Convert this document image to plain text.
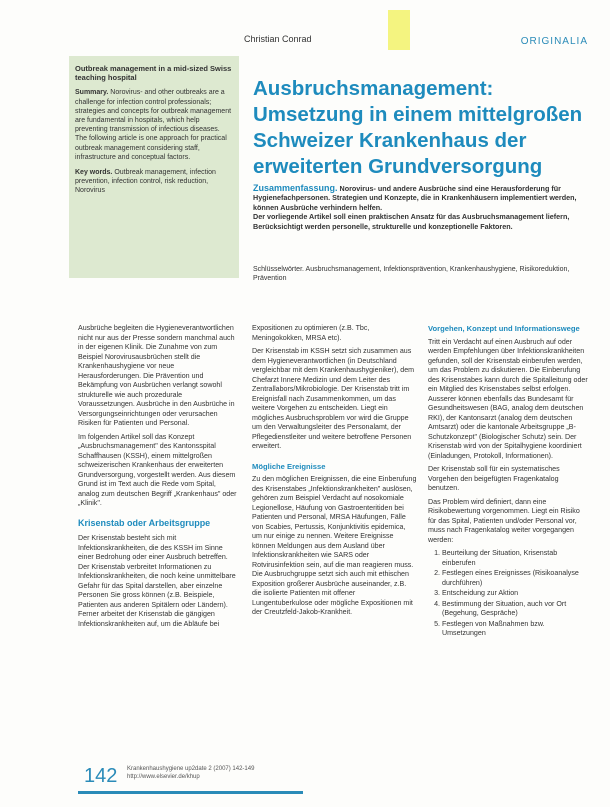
Christian Conrad	ORIGINALIA
Outbreak management in a mid-sized Swiss teaching hospital

Summary. Norovirus- and other outbreaks are a challenge for infection control professionals; strategies and concepts for outbreak management are fundamental in hospitals, which help preventing transmission of infectious diseases. The following article is one approach for practical outbreak management considering staff, infrastructure and conceptual factors.

Key words. Outbreak management, infection prevention, infection control, risk reduction, Norovirus

Ausbruchsmanagement: Umsetzung in einem mittelgroßen Schweizer Krankenhaus der erweiterten Grundversorgung
Zusammenfassung. Norovirus- und andere Ausbrüche sind eine Herausforderung für Hygienefachpersonen. Strategien und Konzepte, die in Krankenhäusern implementiert werden, können Ausbrüche verhindern helfen.
Der vorliegende Artikel soll einen praktischen Ansatz für das Ausbruchsmanagement liefern, Berücksichtigt werden personelle, strukturelle und konzeptionelle Faktoren.
Schlüsselwörter. Ausbruchsmanagement, Infektionsprävention, Krankenhaushygiene, Risikoreduktion, Prävention

Ausbrüche begleiten die Hygieneverantwortlichen nicht nur aus der Presse sondern manchmal auch in der eigenen Klinik. Die Zunahme von zum Beispiel Norovirusausbrüchen stellt die Krankenhaushygiene vor neue Herausforderungen. Die Prävention und Bekämpfung von Ausbrüchen verlangt sowohl strukturelle wie auch prozedurale Voraussetzungen. Ausbrüche in den Ausbrüche in Versorgungseinrichtungen oder verursachen Risiken für Patienten und Personal.

Im folgenden Artikel soll das Konzept „Ausbruchsmanagement" des Kantonsspital Schaffhausen (KSSH), einem mittelgroßen schweizerischen Krankenhaus der erweiterten Grundversorgung, vorgestellt werden. Aus diesem Grund ist im Text auch die Rede vom Spital, analog zum deutschen Begriff „Krankenhaus" oder „Klinik".

Krisenstab oder Arbeitsgruppe

Der Krisenstab besteht sich mit Infektionskrankheiten, die des KSSH im Sinne einer Bedrohung oder einer Ausbruch betreffen. Der Krisenstab verbreitet Informationen zu Infektionskrankheiten, die noch keine unmittelbare Gefahr für das Spital darstellen, aber einzelne Personen Sie gross können (z.B. Beispiele, Patienten aus anderen Spitälern oder Ländern). Ferner arbeitet der Krisenstab die gängigen Infektionskrankheiten auf, um die Abläufe bei

Expositionen zu optimieren (z.B. Tbc, Meningokokken, MRSA etc).

Der Krisenstab im KSSH setzt sich zusammen aus dem Hygieneverantwortlichen (in Deutschland vergleichbar mit dem Krankenhaushygieniker), dem Chefarzt Innere Medizin und dem Leiter des Zentrallabors/Mikrobiologie. Der Krisenstab tritt im Ereignisfall nach Zusammenkommen, um das weitere Vorgehen zu entscheiden. Liegt ein mögliches Ausbruchsproblem vor wird die Gruppe um den Verwaltungsleiter des Personalamt, der Pflegedienstleiter und weitere betroffene Personen erweitert.

Mögliche Ereignisse

Zu den möglichen Ereignissen, die eine Einberufung des Krisenstabes „Infektionskrankheiten" auslösen, gehören zum Beispiel Verdacht auf nosokomiale Legionellose, Häufung von Gastroenteritiden bei Patienten und Personal, MRSA Häufungen, Fälle von Scabies, Pertussis, Konjunktivitis epidemica, um nur einige zu nennen. Weitere Ereignisse können Meldungen aus dem Ausland über Infektionskrankheiten wie SARS oder Rotvirusinfektion sein, auf die man reagieren muss. Die Ausbruchgruppe setzt sich auch mit ethischen Exposition großerer Ausbrüche auseinander, z.B. die isolierte Patienten mit offener Lungentuberkulose oder mögliche Expositionen mit der Creutzfeld-Jakob-Krankheit.

Vorgehen, Konzept und Informationswege

Tritt ein Verdacht auf einen Ausbruch auf oder werden Empfehlungen über Infektionskrankheiten gefunden, soll der Krisenstab einberufen werden, um das Problem zu diskutieren. Die Einberufung des Krisenstabes kann durch die Spitalleitung oder ein Mitglied des Krisenstabes selbst erfolgen. Ausserer können ebenfalls das Bundesamt für Gesundheitswesen (BAG, analog dem deutschen RKI), der Kantonsarzt (analog dem deutschen Amtsarzt) oder die kantonale Arbeitsgruppe „B-Schutzkonzept" (Biologischer Schutz) sein. Der Krisenstab wird von der Spitalhygiene koordiniert (Einladungen, Protokoll, Informationen).

Der Krisenstab soll für ein systematisches Vorgehen den beigefügten Fragenkatalog benutzen.

Das Problem wird definiert, dann eine Risikobewertung vorgenommen. Liegt ein Risiko für das Spital, Patienten und/oder Personal vor, muss nach Fragenkatalog weiter vorgegangen werden:

1. Beurteilung der Situation, Krisenstab einberufen
2. Festlegen eines Ereignisses (Risikoanalyse durchführen)
3. Entscheidung zur Aktion
4. Bestimmung der Situation, auch vor Ort (Begehung, Gespräche)
5. Festlegen von Maßnahmen bzw. Umsetzungen
142 Krankenhaushygiene up2date 2 (2007) 142-149
http://www.elsevier.de/khup
